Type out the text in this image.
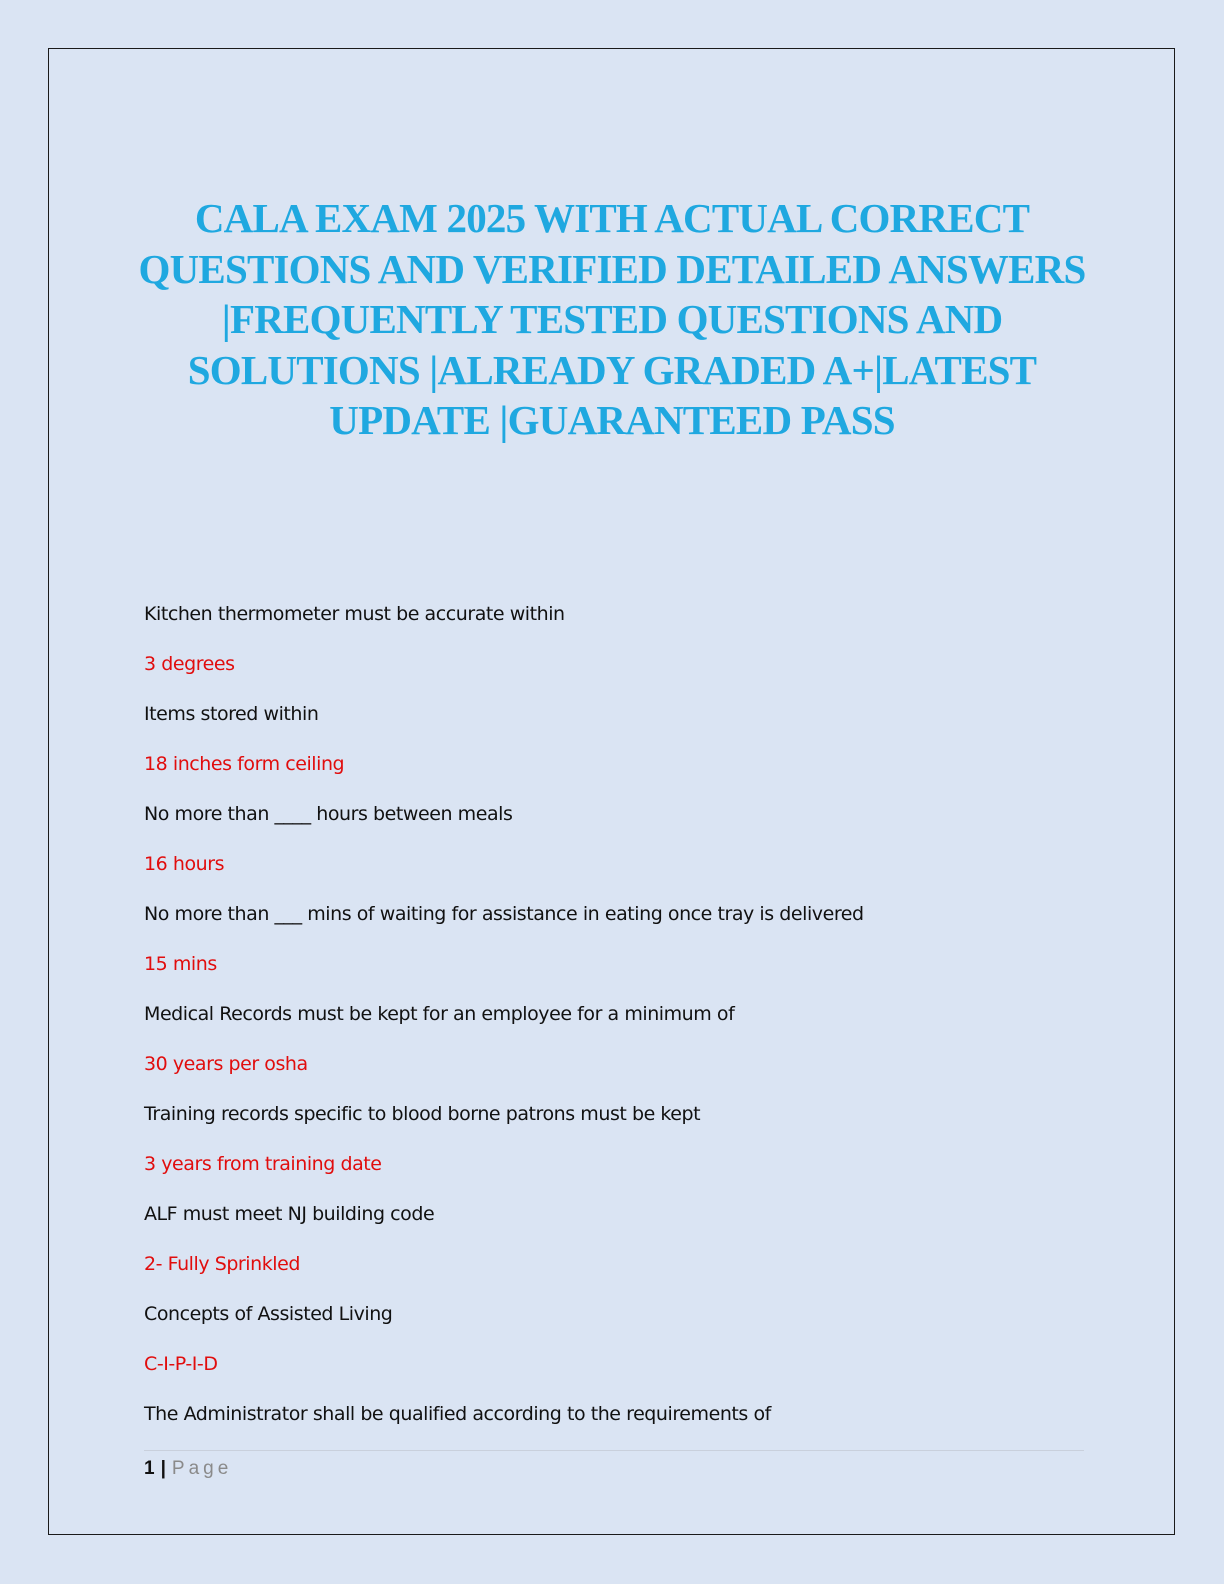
CALA EXAM 2025 WITH ACTUAL CORRECT QUESTIONS AND VERIFIED DETAILED ANSWERS |FREQUENTLY TESTED QUESTIONS AND SOLUTIONS |ALREADY GRADED A+|LATEST UPDATE |GUARANTEED PASS
Kitchen thermometer must be accurate within
3 degrees
Items stored within
18 inches form ceiling
No more than ____ hours between meals
16 hours
No more than ___ mins of waiting for assistance in eating once tray is delivered
15 mins
Medical Records must be kept for an employee for a minimum of
30 years per osha
Training records specific to blood borne patrons must be kept
3 years from training date
ALF must meet NJ building code
2- Fully Sprinkled
Concepts of Assisted Living
C-I-P-I-D
The Administrator shall be qualified according to the requirements of
1 | Page
